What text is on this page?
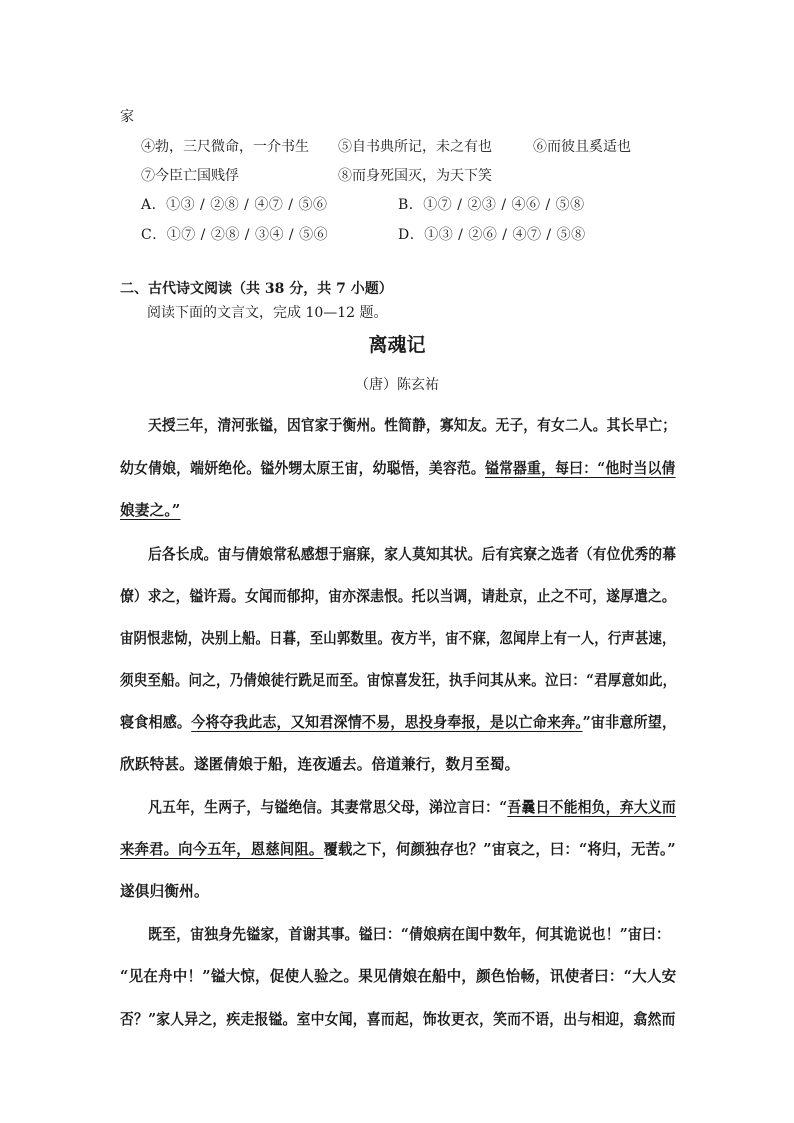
家
④勃，三尺微命，一介书生 ⑤自书典所记，未之有也	⑥而彼且奚适也
⑦今臣亡国贱俘	⑧而身死国灭，为天下笑
A．①③ / ②⑧ / ④⑦ / ⑤⑥	B．①⑦ / ②③ / ④⑥ / ⑤⑧
C．①⑦ / ②⑧ / ③④ / ⑤⑥	D．①③ / ②⑥ / ④⑦ / ⑤⑧
二、古代诗文阅读（共 38 分，共 7 小题）
阅读下面的文言文，完成 10—12 题。
离魂记
（唐）陈玄祐
天授三年，清河张镒，因官家于衡州。性简静，寡知友。无子，有女二人。其长早亡；
幼女倩娘，端妍绝伦。镒外甥太原王宙，幼聪悟，美容范。镒常器重，每曰：“他时当以倩
娘妻之。”
后各长成。宙与倩娘常私感想于寤寐，家人莫知其状。后有宾寮之选者（有位优秀的幕
僚）求之，镒许焉。女闻而郁抑，宙亦深恚恨。托以当调，请赴京，止之不可，遂厚遣之。
宙阴恨悲恸，决别上船。日暮，至山郭数里。夜方半，宙不寐，忽闻岸上有一人，行声甚速，
须臾至船。问之，乃倩娘徒行跣足而至。宙惊喜发狂，执手问其从来。泣曰：“君厚意如此，
寝食相感。今将夺我此志，又知君深情不易，思投身奉报，是以亡命来奔。”宙非意所望，
欣跃特甚。遂匿倩娘于船，连夜遁去。倍道兼行，数月至蜀。
凡五年，生两子，与镒绝信。其妻常思父母，涕泣言曰：“吾曩日不能相负，弃大义而
来奔君。向今五年，恩慈间阻。覆载之下，何颜独存也？”宙哀之，曰：“将归，无苦。”
遂俱归衡州。
既至，宙独身先镒家，首谢其事。镒曰：“倩娘病在闺中数年，何其诡说也！”宙曰：
“见在舟中！”镒大惊，促使人验之。果见倩娘在船中，颜色怡畅，讯使者曰：“大人安
否？”家人异之，疾走报镒。室中女闻，喜而起，饰妆更衣，笑而不语，出与相迎，翕然而
